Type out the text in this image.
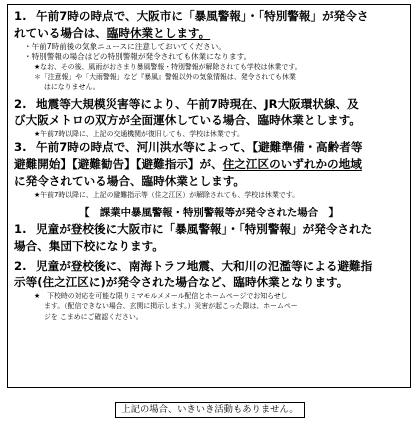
1. 午前7時の時点で、大阪市に「暴風警報」・「特別警報」が発令さ

れている場合は、臨時休業とします。

・午前7時前後の気象ニュースに注意しておいてください。

・特別警報の場合はどの特別警報が発令されても休業になります。

★なお、その後、風雨がおさまり暴風警報・特別警報が解除されても学校は休業です。

＊「注意報」や「大雨警報」など『暴風』警報以外の気象情報は、発令されても休業

はになりません。

2. 地震等大規模災害等により、午前7時現在、JR大阪環状線、及

び大阪メトロの双方が全面運休している場合、臨時休業とします。

★午前7時以降に、上記の交通機関が復旧しても、学校は休業です。

3. 午前7時の時点で、河川洪水等によって、【避難準備・高齢者等

避難開始】【避難勧告】【避難指示】が、住之江区のいずれかの地域

に発令されている場合、臨時休業とします。

★午前7時以降に、上記の避難指示等（住之江区）が解除されても、学校は休業です。

【　課業中暴風警報・特別警報等が発令された場合　】

1. 児童が登校後に大阪市に「暴風警報」・「特別警報」が発令された

場合、集団下校になります。

2. 児童が登校後に、南海トラフ地震、大和川の氾濫等による避難指

示等(住之江区に)が発令された場合など、臨時休業となります。

★　下校時の対応を可能な限りミマモルメメール配信とホームページでお知らせし

ます。（配信できない場合、玄関に掲示します。）災害が起こった際は、ホームペー

ジを こまめにご確認ください。

上記の場合、いきいき活動もありません。
